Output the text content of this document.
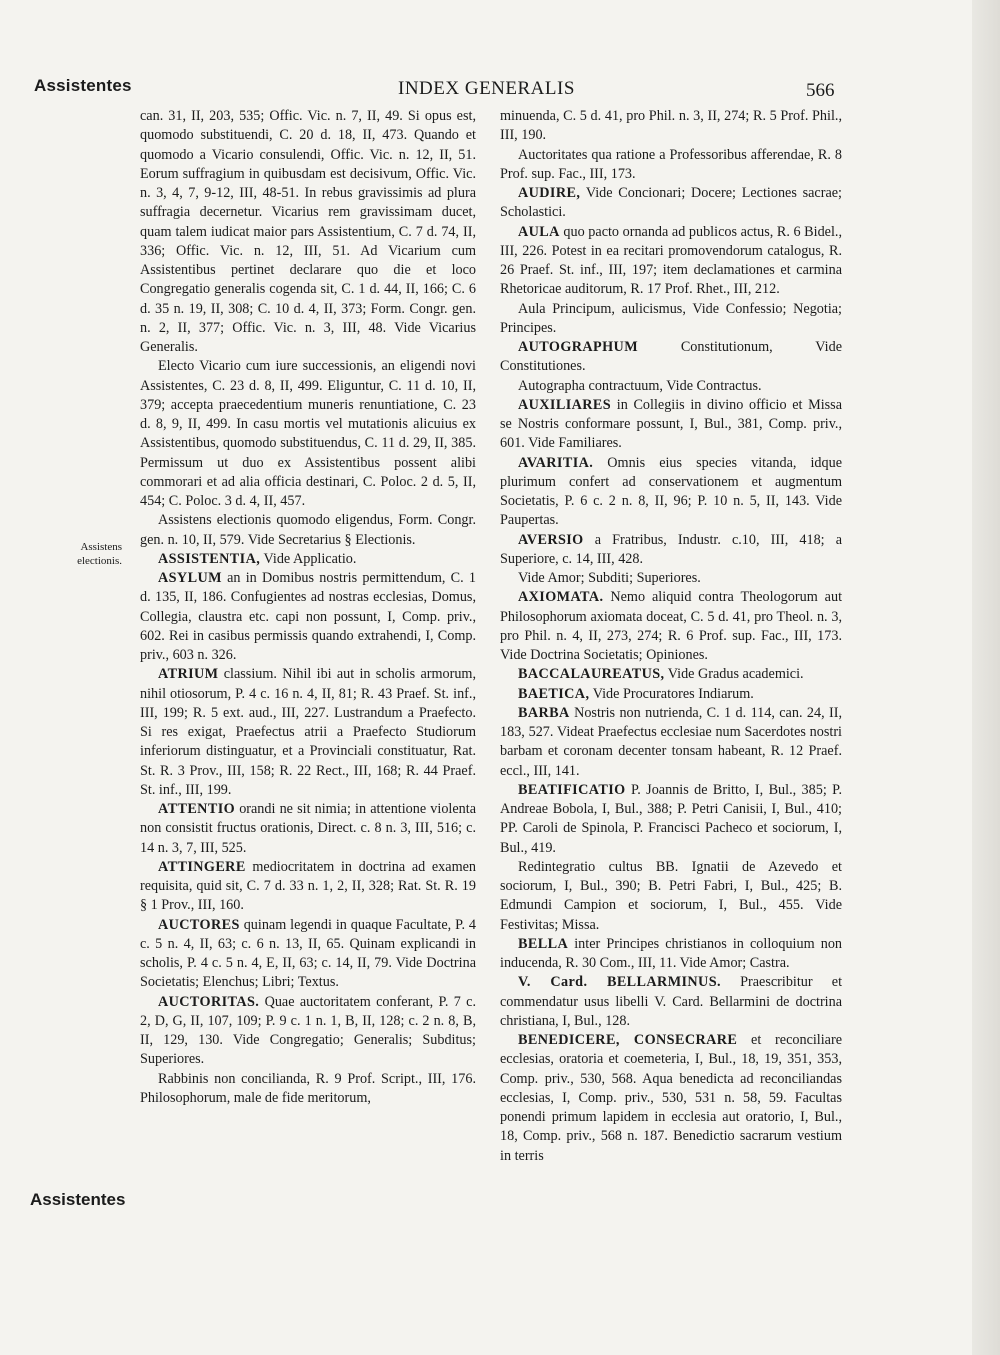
Assistentes	INDEX GENERALIS	566
Assistens
electionis.

can. 31, II, 203, 535; Offic. Vic. n. 7, II, 49. Si opus est, quomodo substituendi, C. 20 d. 18, II, 473. Quando et quomodo a Vicario consulendi, Offic. Vic. n. 12, II, 51. Eorum suffragium in quibusdam est decisivum, Offic. Vic. n. 3, 4, 7, 9-12, III, 48-51. In rebus gravissimis ad plura suffragia decernetur. Vicarius rem gravissimam ducet, quam talem iudicat maior pars Assistentium, C. 7 d. 74, II, 336; Offic. Vic. n. 12, III, 51. Ad Vicarium cum Assistentibus pertinet declarare quo die et loco Congregatio generalis cogenda sit, C. 1 d. 44, II, 166; C. 6 d. 35 n. 19, II, 308; C. 10 d. 4, II, 373; Form. Congr. gen. n. 2, II, 377; Offic. Vic. n. 3, III, 48. Vide Vicarius Generalis.

Electo Vicario cum iure successionis, an eligendi novi Assistentes, C. 23 d. 8, II, 499. Eliguntur, C. 11 d. 10, II, 379; accepta praecedentium muneris renuntiatione, C. 23 d. 8, 9, II, 499. In casu mortis vel mutationis alicuius ex Assistentibus, quomodo substituendus, C. 11 d. 29, II, 385. Permissum ut duo ex Assistentibus possent alibi commorari et ad alia officia destinari, C. Poloc. 2 d. 5, II, 454; C. Poloc. 3 d. 4, II, 457.

Assistens electionis quomodo eligendus, Form. Congr. gen. n. 10, II, 579. Vide Secretarius § Electionis.

ASSISTENTIA, Vide Applicatio.

ASYLUM an in Domibus nostris permittendum, C. 1 d. 135, II, 186. Confugientes ad nostras ecclesias, Domus, Collegia, claustra etc. capi non possunt, I, Comp. priv., 602. Rei in casibus permissis quando extrahendi, I, Comp. priv., 603 n. 326.

ATRIUM classium. Nihil ibi aut in scholis armorum, nihil otiosorum, P. 4 c. 16 n. 4, II, 81; R. 43 Praef. St. inf., III, 199; R. 5 ext. aud., III, 227. Lustrandum a Praefecto. Si res exigat, Praefectus atrii a Praefecto Studiorum inferiorum distinguatur, et a Provinciali constituatur, Rat. St. R. 3 Prov., III, 158; R. 22 Rect., III, 168; R. 44 Praef. St. inf., III, 199.

ATTENTIO orandi ne sit nimia; in attentione violenta non consistit fructus orationis, Direct. c. 8 n. 3, III, 516; c. 14 n. 3, 7, III, 525.

ATTINGERE mediocritatem in doctrina ad examen requisita, quid sit, C. 7 d. 33 n. 1, 2, II, 328; Rat. St. R. 19 § 1 Prov., III, 160.

AUCTORES quinam legendi in quaque Facultate, P. 4 c. 5 n. 4, II, 63; c. 6 n. 13, II, 65. Quinam explicandi in scholis, P. 4 c. 5 n. 4, E, II, 63; c. 14, II, 79. Vide Doctrina Societatis; Elenchus; Libri; Textus.

AUCTORITAS. Quae auctoritatem conferant, P. 7 c. 2, D, G, II, 107, 109; P. 9 c. 1 n. 1, B, II, 128; c. 2 n. 8, B, II, 129, 130. Vide Congregatio; Generalis; Subditus; Superiores.

Rabbinis non concilianda, R. 9 Prof. Script., III, 176. Philosophorum, male de fide meritorum,

minuenda, C. 5 d. 41, pro Phil. n. 3, II, 274; R. 5 Prof. Phil., III, 190.

Auctoritates qua ratione a Professoribus afferendae, R. 8 Prof. sup. Fac., III, 173.

AUDIRE, Vide Concionari; Docere; Lectiones sacrae; Scholastici.

AULA quo pacto ornanda ad publicos actus, R. 6 Bidel., III, 226. Potest in ea recitari promovendorum catalogus, R. 26 Praef. St. inf., III, 197; item declamationes et carmina Rhetoricae auditorum, R. 17 Prof. Rhet., III, 212.

Aula Principum, aulicismus, Vide Confessio; Negotia; Principes.

AUTOGRAPHUM	Constitutionum, Vide Constitutiones.

Autographa contractuum, Vide Contractus.

AUXILIARES in Collegiis in divino officio et Missa se Nostris conformare possunt, I, Bul., 381, Comp. priv., 601. Vide Familiares.

AVARITIA. Omnis eius species vitanda, idque plurimum confert ad conservationem et augmentum Societatis, P. 6 c. 2 n. 8, II, 96; P. 10 n. 5, II, 143. Vide Paupertas.

AVERSIO a Fratribus, Industr. c.10, III, 418; a Superiore, c. 14, III, 428.

Vide Amor; Subditi; Superiores.

AXIOMATA. Nemo aliquid contra Theologorum aut Philosophorum axiomata doceat, C. 5 d. 41, pro Theol. n. 3, pro Phil. n. 4, II, 273, 274; R. 6 Prof. sup. Fac., III, 173. Vide Doctrina Societatis; Opiniones.

BACCALAUREATUS, Vide Gradus academici.

BAETICA, Vide Procuratores Indiarum.

BARBA Nostris non nutrienda, C. 1 d. 114, can. 24, II, 183, 527. Videat Praefectus ecclesiae num Sacerdotes nostri barbam et coronam decenter tonsam habeant, R. 12 Praef. eccl., III, 141.

BEATIFICATIO P. Joannis de Britto, I, Bul., 385; P. Andreae Bobola, I, Bul., 388; P. Petri Canisii, I, Bul., 410; PP. Caroli de Spinola, P. Francisci Pacheco et sociorum, I, Bul., 419.

Redintegratio cultus BB. Ignatii de Azevedo et sociorum, I, Bul., 390; B. Petri Fabri, I, Bul., 425; B. Edmundi Campion et sociorum, I, Bul., 455. Vide Festivitas; Missa.

BELLA inter Principes christianos in colloquium non inducenda, R. 30 Com., III, 11. Vide Amor; Castra.

V. Card. BELLARMINUS. Praescribitur et commendatur usus libelli V. Card. Bellarmini de doctrina christiana, I, Bul., 128.

BENEDICERE, CONSECRARE et reconciliare ecclesias, oratoria et coemeteria, I, Bul., 18, 19, 351, 353, Comp. priv., 530, 568. Aqua benedicta ad reconciliandas ecclesias, I, Comp. priv., 530, 531 n. 58, 59. Facultas ponendi primum lapidem in ecclesia aut oratorio, I, Bul., 18, Comp. priv., 568 n. 187. Benedictio sacrarum vestium in terris

Assistentes
